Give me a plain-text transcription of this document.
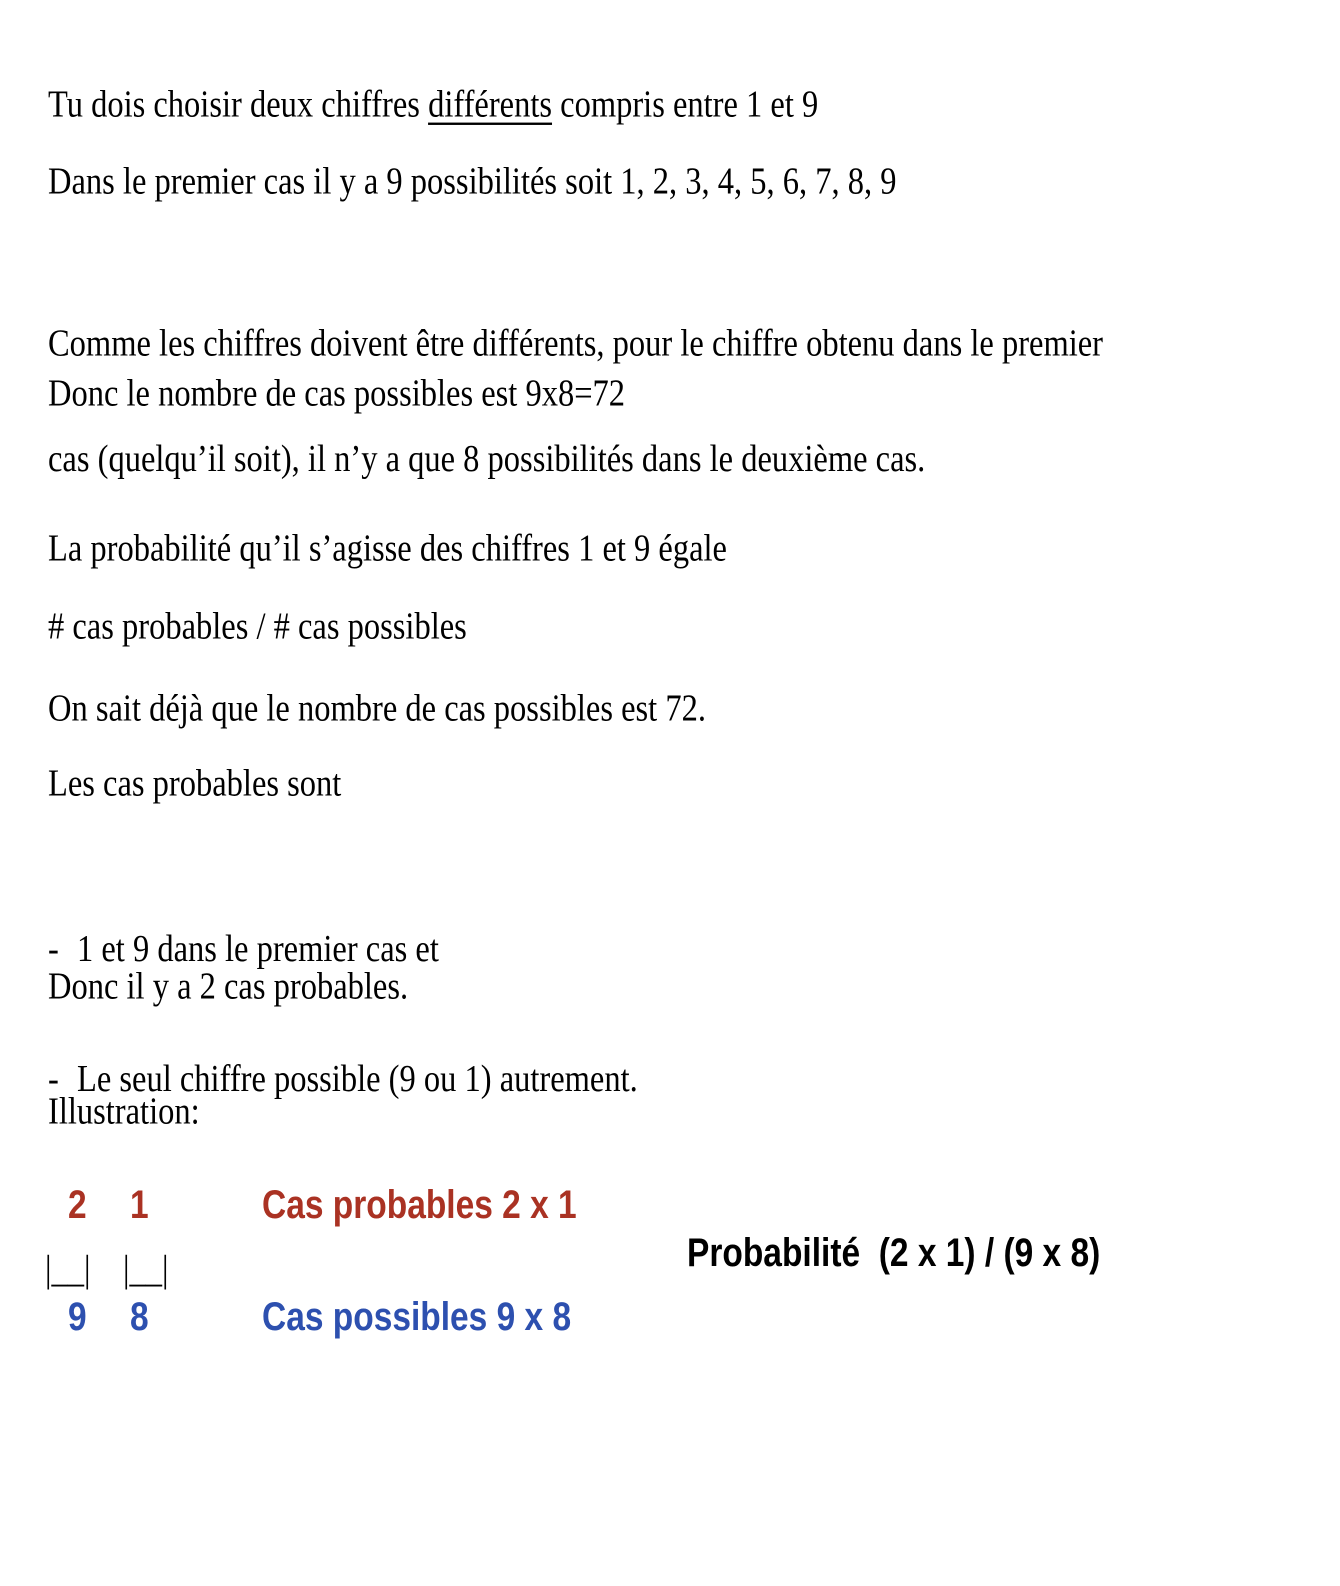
Tu dois choisir deux chiffres différents compris entre 1 et 9
Dans le premier cas il y a 9 possibilités soit 1, 2, 3, 4, 5, 6, 7, 8, 9

Comme les chiffres doivent être différents, pour le chiffre obtenu dans le premier

cas (quelqu’il soit), il n’y a que 8 possibilités dans le deuxième cas.

Donc le nombre de cas possibles est 9x8=72
La probabilité qu’il s’agisse des chiffres 1 et 9 égale
# cas probables / # cas possibles
On sait déjà que le nombre de cas possibles est 72.
Les cas probables sont

- 1 et 9 dans le premier cas et

- Le seul chiffre possible (9 ou 1) autrement.

Donc il y a 2 cas probables.
Illustration:

2

1

	Cas probables 2 x 1

|__|

|__|

	Probabilité  (2 x 1) / (9 x 8)

9

8

	Cas possibles 9 x 8
